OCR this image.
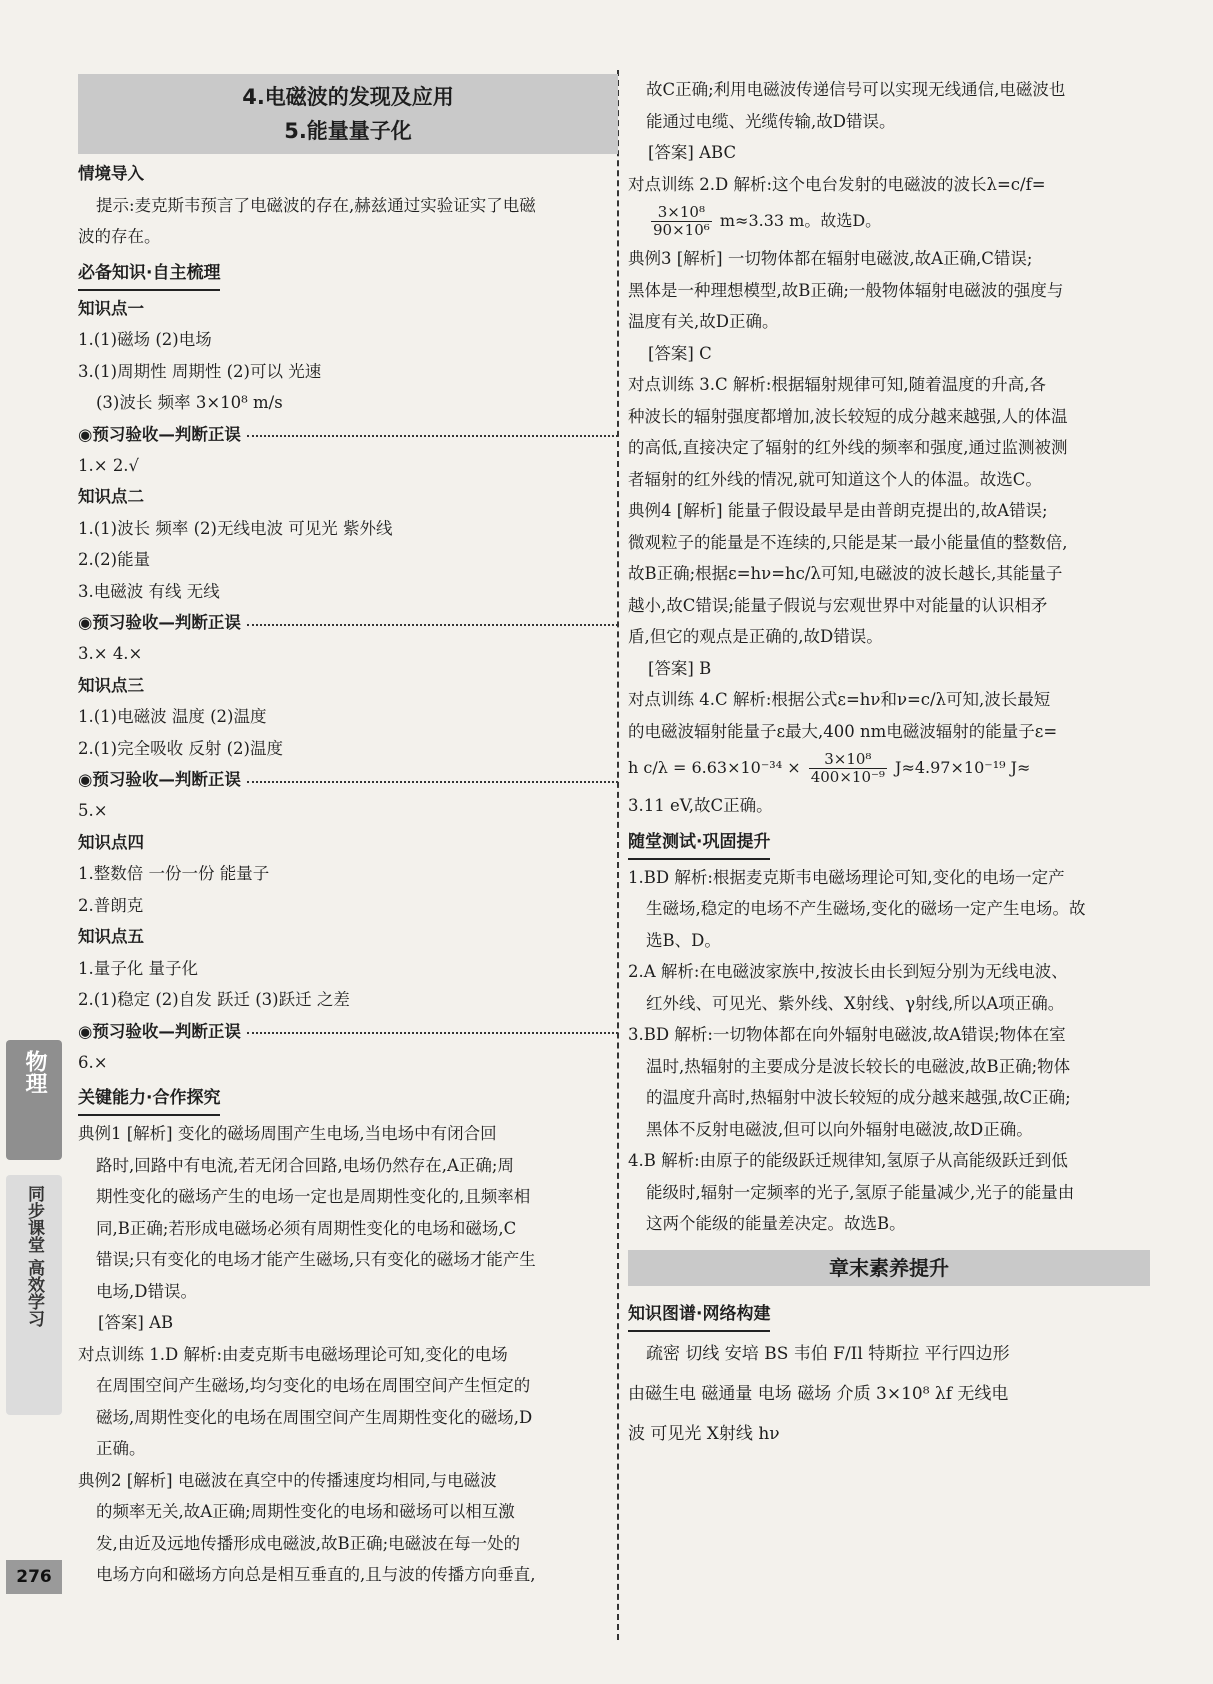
物理
同步课堂 高效学习
276
4.电磁波的发现及应用
5.能量量子化
情境导入
提示:麦克斯韦预言了电磁波的存在,赫兹通过实验证实了电磁
波的存在。
必备知识·自主梳理
知识点一
1.(1)磁场 (2)电场
3.(1)周期性 周期性 (2)可以 光速
(3)波长 频率 3×10⁸ m/s
◉预习验收—判断正误
1.× 2.√
知识点二
1.(1)波长 频率 (2)无线电波 可见光 紫外线
2.(2)能量
3.电磁波 有线 无线
◉预习验收—判断正误
3.× 4.×
知识点三
1.(1)电磁波 温度 (2)温度
2.(1)完全吸收 反射 (2)温度
◉预习验收—判断正误
5.×
知识点四
1.整数倍 一份一份 能量子
2.普朗克
知识点五
1.量子化 量子化
2.(1)稳定 (2)自发 跃迁 (3)跃迁 之差
◉预习验收—判断正误
6.×
关键能力·合作探究
典例1 [解析] 变化的磁场周围产生电场,当电场中有闭合回
路时,回路中有电流,若无闭合回路,电场仍然存在,A正确;周
期性变化的磁场产生的电场一定也是周期性变化的,且频率相
同,B正确;若形成电磁场必须有周期性变化的电场和磁场,C
错误;只有变化的电场才能产生磁场,只有变化的磁场才能产生
电场,D错误。
[答案] AB
对点训练 1.D 解析:由麦克斯韦电磁场理论可知,变化的电场
在周围空间产生磁场,均匀变化的电场在周围空间产生恒定的
磁场,周期性变化的电场在周围空间产生周期性变化的磁场,D
正确。
典例2 [解析] 电磁波在真空中的传播速度均相同,与电磁波
的频率无关,故A正确;周期性变化的电场和磁场可以相互激
发,由近及远地传播形成电磁波,故B正确;电磁波在每一处的
电场方向和磁场方向总是相互垂直的,且与波的传播方向垂直,
故C正确;利用电磁波传递信号可以实现无线通信,电磁波也
能通过电缆、光缆传输,故D错误。
[答案] ABC
对点训练 2.D 解析:这个电台发射的电磁波的波长λ=c/f=
$\frac{\text{3×10⁸}}{\text{90×10⁶}} m\approx 3.33$ m。故选D。
典例3 [解析] 一切物体都在辐射电磁波,故A正确,C错误;
黑体是一种理想模型,故B正确;一般物体辐射电磁波的强度与
温度有关,故D正确。
[答案] C
对点训练 3.C 解析:根据辐射规律可知,随着温度的升高,各
种波长的辐射强度都增加,波长较短的成分越来越强,人的体温
的高低,直接决定了辐射的红外线的频率和强度,通过监测被测
者辐射的红外线的情况,就可知道这个人的体温。故选C。
典例4 [解析] 能量子假设最早是由普朗克提出的,故A错误;
微观粒子的能量是不连续的,只能是某一最小能量值的整数倍,
故B正确;根据ε=hν=hc/λ可知,电磁波的波长越长,其能量子
越小,故C错误;能量子假说与宏观世界中对能量的认识相矛
盾,但它的观点是正确的,故D错误。
[答案] B
对点训练 4.C 解析:根据公式ε=hν和ν=c/λ可知,波长最短
的电磁波辐射能量子ε最大,400 nm电磁波辐射的能量子ε=
h $c/\lambda = 6.63\times 10^{-34} \times \frac{\text{3×10⁸}}{\text{400×10⁻⁹}} J\approx 4.97\times 10^{-19}$ J≈
3.11 eV,故C正确。
随堂测试·巩固提升
1.BD 解析:根据麦克斯韦电磁场理论可知,变化的电场一定产
生磁场,稳定的电场不产生磁场,变化的磁场一定产生电场。故
选B、D。
2.A 解析:在电磁波家族中,按波长由长到短分别为无线电波、
红外线、可见光、紫外线、X射线、γ射线,所以A项正确。
3.BD 解析:一切物体都在向外辐射电磁波,故A错误;物体在室
温时,热辐射的主要成分是波长较长的电磁波,故B正确;物体
的温度升高时,热辐射中波长较短的成分越来越强,故C正确;
黑体不反射电磁波,但可以向外辐射电磁波,故D正确。
4.B 解析:由原子的能级跃迁规律知,氢原子从高能级跃迁到低
能级时,辐射一定频率的光子,氢原子能量减少,光子的能量由
这两个能级的能量差决定。故选B。
章末素养提升
知识图谱·网络构建
疏密 切线 安培 BS 韦伯 F/Il 特斯拉 平行四边形
由磁生电 磁通量 电场 磁场 介质 3×10⁸ λf 无线电
波 可见光 X射线 hν
